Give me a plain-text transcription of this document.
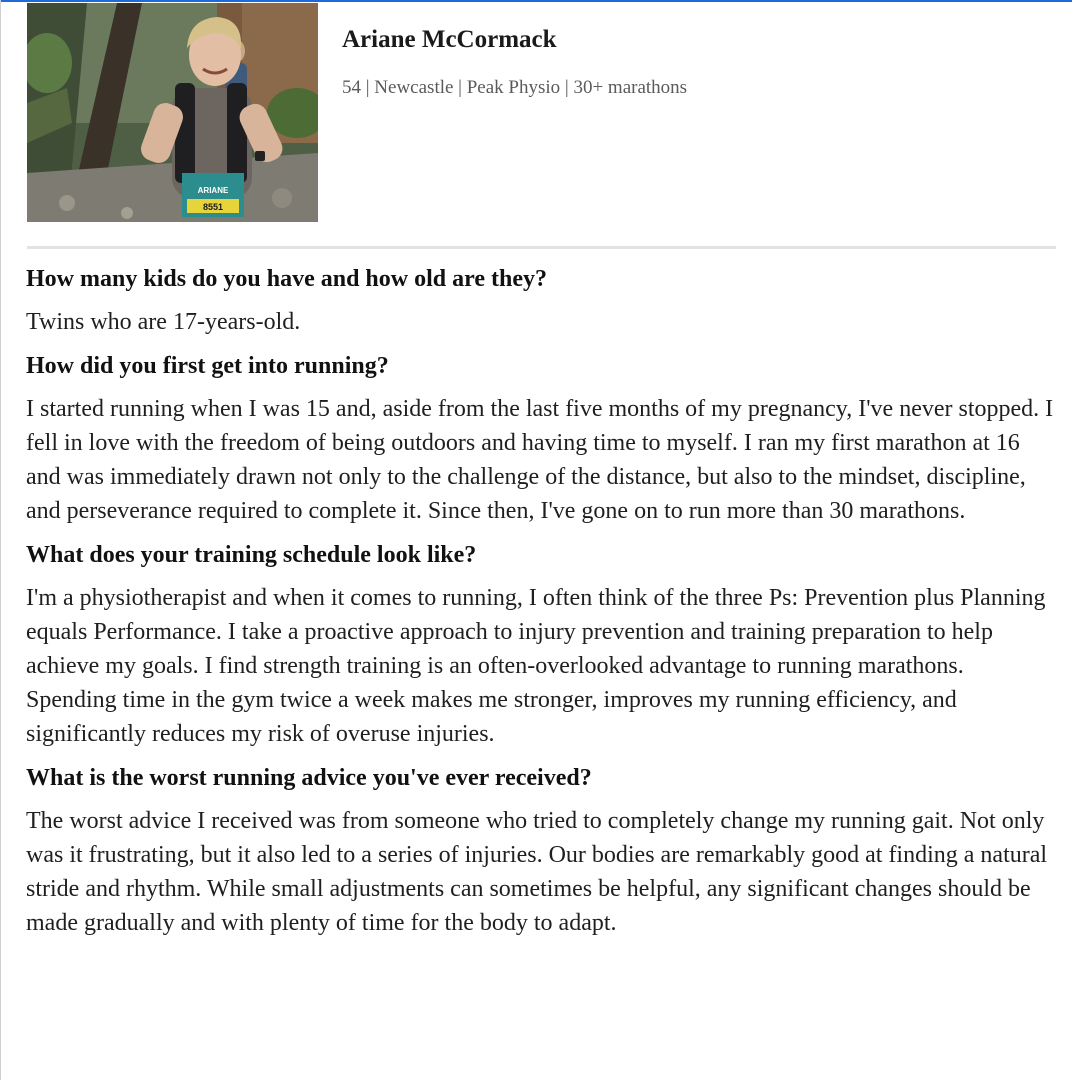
ARIANE
8551
Ariane McCormack
54 | Newcastle | Peak Physio | 30+ marathons
How many kids do you have and how old are they?

Twins who are 17-years-old.

How did you first get into running?

I started running when I was 15 and, aside from the last five months of my pregnancy, I've never stopped. I fell in love with the freedom of being outdoors and having time to myself. I ran my first marathon at 16 and was immediately drawn not only to the challenge of the distance, but also to the mindset, discipline, and perseverance required to complete it. Since then, I've gone on to run more than 30 marathons.

What does your training schedule look like?

I'm a physiotherapist and when it comes to running, I often think of the three Ps: Prevention plus Planning equals Performance. I take a proactive approach to injury prevention and training preparation to help achieve my goals. I find strength training is an often-overlooked advantage to running marathons. Spending time in the gym twice a week makes me stronger, improves my running efficiency, and significantly reduces my risk of overuse injuries.

What is the worst running advice you've ever received?

The worst advice I received was from someone who tried to completely change my running gait. Not only was it frustrating, but it also led to a series of injuries. Our bodies are remarkably good at finding a natural stride and rhythm. While small adjustments can sometimes be helpful, any significant changes should be made gradually and with plenty of time for the body to adapt.
